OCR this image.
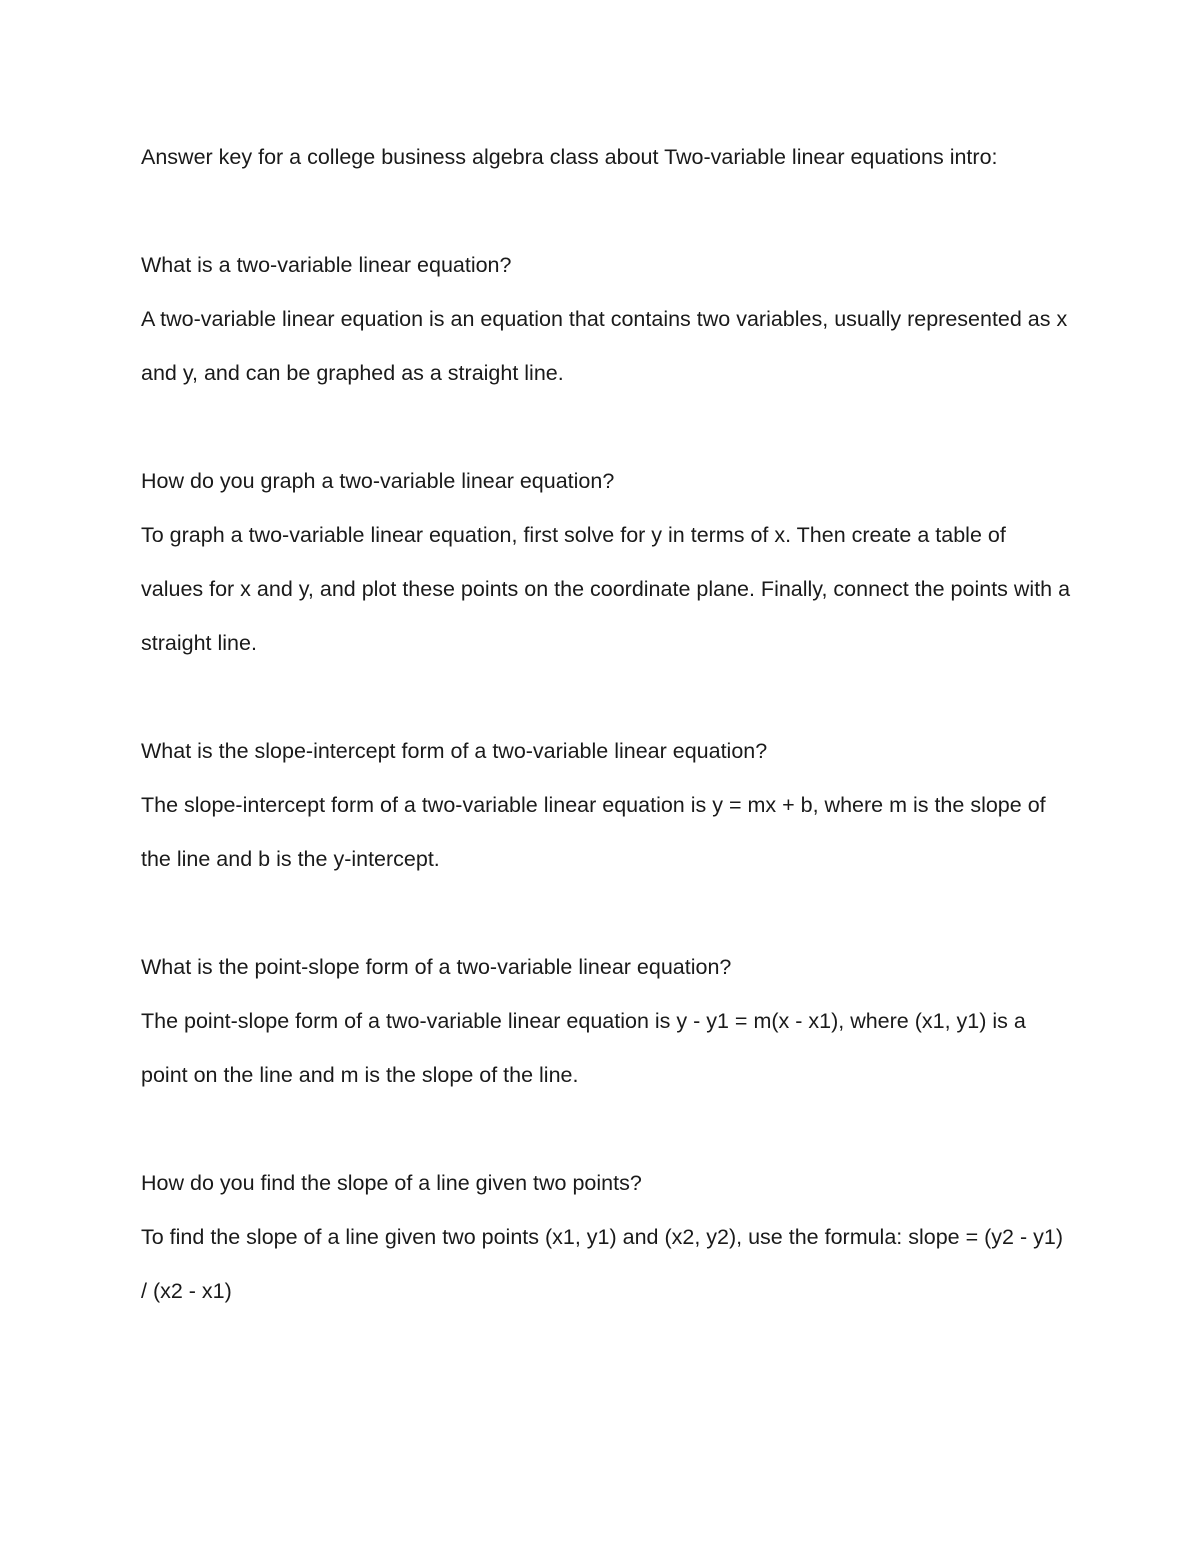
Answer key for a college business algebra class about Two-variable linear equations intro:

What is a two-variable linear equation?

A two-variable linear equation is an equation that contains two variables, usually represented as x and y, and can be graphed as a straight line.

How do you graph a two-variable linear equation?

To graph a two-variable linear equation, first solve for y in terms of x. Then create a table of values for x and y, and plot these points on the coordinate plane. Finally, connect the points with a straight line.

What is the slope-intercept form of a two-variable linear equation?

The slope-intercept form of a two-variable linear equation is y = mx + b, where m is the slope of the line and b is the y-intercept.

What is the point-slope form of a two-variable linear equation?

The point-slope form of a two-variable linear equation is y - y1 = m(x - x1), where (x1, y1) is a point on the line and m is the slope of the line.

How do you find the slope of a line given two points?

To find the slope of a line given two points (x1, y1) and (x2, y2), use the formula: slope = (y2 - y1) / (x2 - x1)
